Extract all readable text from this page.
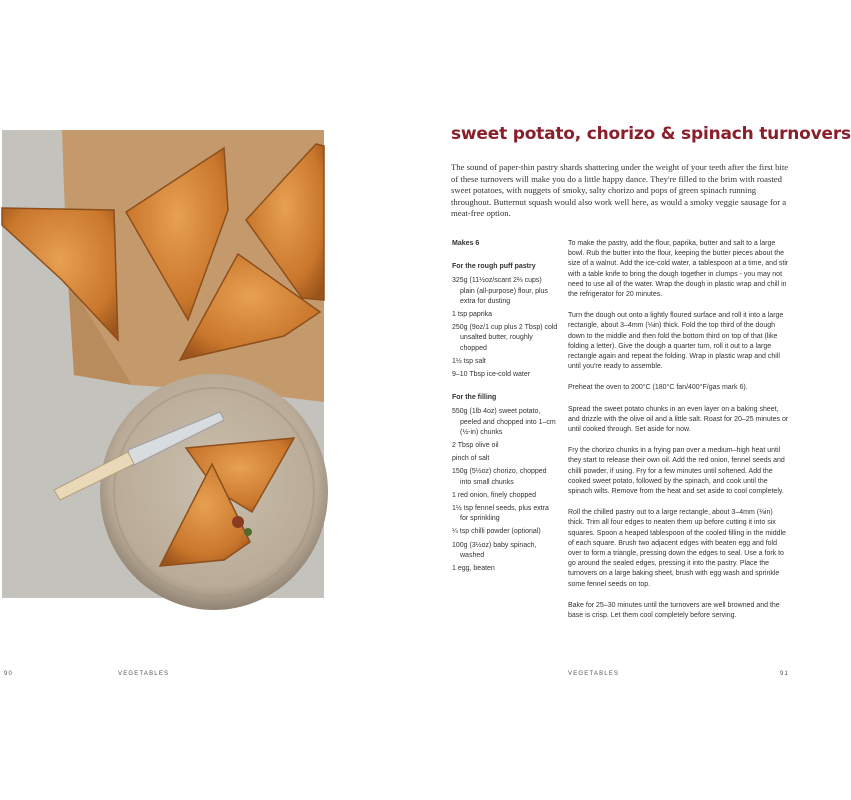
sweet potato, chorizo & spinach turnovers
The sound of paper-thin pastry shards shattering under the weight of your teeth after the first bite of these turnovers will make you do a little happy dance. They're filled to the brim with roasted sweet potatoes, with nuggets of smoky, salty chorizo and pops of green spinach running throughout. Butternut squash would also work well here, as would a smoky veggie sausage for a meat-free option.
Makes 6
For the rough puff pastry

325g (11½oz/scant 2⅔ cups) plain (all-purpose) flour, plus extra for dusting

1 tsp paprika

250g (9oz/1 cup plus 2 Tbsp) cold unsalted butter, roughly chopped

1½ tsp salt

9–10 Tbsp ice-cold water

For the filling

550g (1lb 4oz) sweet potato, peeled and chopped into 1–cm (½-in) chunks

2 Tbsp olive oil

pinch of salt

150g (5½oz) chorizo, chopped into small chunks

1 red onion, finely chopped

1½ tsp fennel seeds, plus extra for sprinkling

¼ tsp chilli powder (optional)

100g (3½oz) baby spinach, washed

1 egg, beaten

To make the pastry, add the flour, paprika, butter and salt to a large bowl. Rub the butter into the flour, keeping the butter pieces about the size of a walnut. Add the ice-cold water, a tablespoon at a time, and stir with a table knife to bring the dough together in clumps - you may not need to use all of the water. Wrap the dough in plastic wrap and chill in the refrigerator for 20 minutes.

Turn the dough out onto a lightly floured surface and roll it into a large rectangle, about 3–4mm (⅛in) thick. Fold the top third of the dough down to the middle and then fold the bottom third on top of that (like folding a letter). Give the dough a quarter turn, roll it out to a large rectangle again and repeat the folding. Wrap in plastic wrap and chill until you're ready to assemble.

Preheat the oven to 200°C (180°C fan/400°F/gas mark 6).

Spread the sweet potato chunks in an even layer on a baking sheet, and drizzle with the olive oil and a little salt. Roast for 20–25 minutes or until cooked through. Set aside for now.

Fry the chorizo chunks in a frying pan over a medium–high heat until they start to release their own oil. Add the red onion, fennel seeds and chilli powder, if using. Fry for a few minutes until softened. Add the cooked sweet potato, followed by the spinach, and cook until the spinach wilts. Remove from the heat and set aside to cool completely.

Roll the chilled pastry out to a large rectangle, about 3–4mm (⅛in) thick. Trim all four edges to neaten them up before cutting it into six squares. Spoon a heaped tablespoon of the cooled filling in the middle of each square. Brush two adjacent edges with beaten egg and fold over to form a triangle, pressing down the edges to seal. Use a fork to go around the sealed edges, pressing it into the pastry. Place the turnovers on a large baking sheet, brush with egg wash and sprinkle some fennel seeds on top.

Bake for 25–30 minutes until the turnovers are well browned and the base is crisp. Let them cool completely before serving.

90	VEGETABLES	VEGETABLES	91
